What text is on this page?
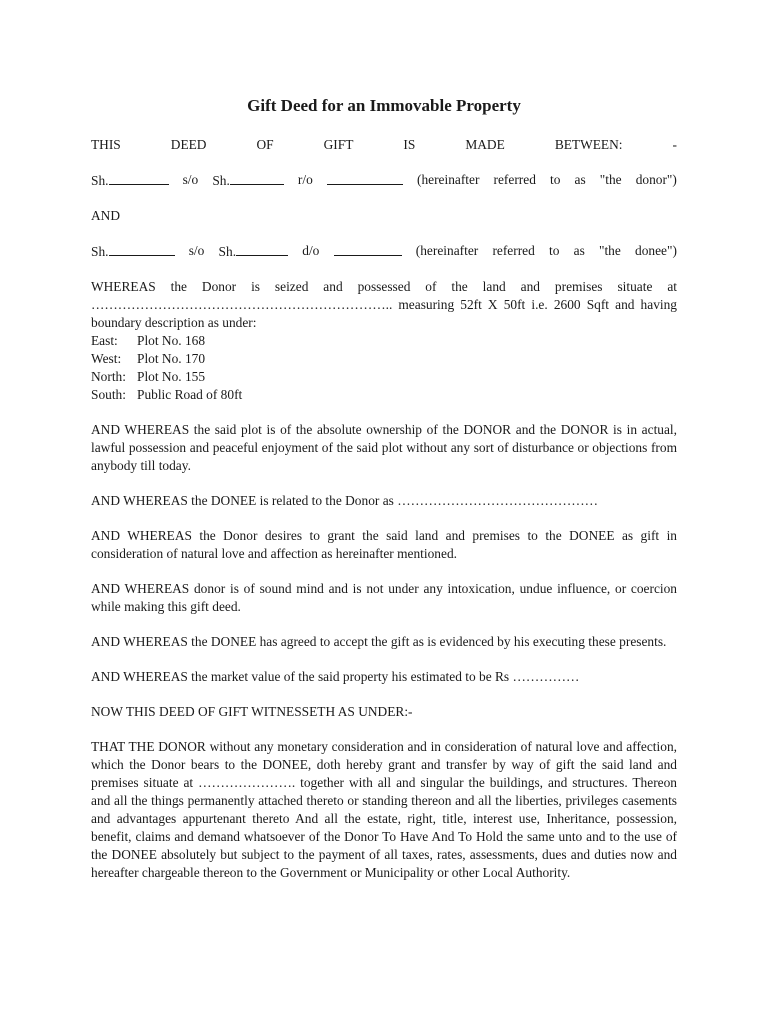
Gift Deed for an Immovable Property
THIS	DEED	OF	GIFT	IS	MADE	BETWEEN:	-
Sh.	s/o Sh.	r/o	(hereinafter referred to as "the donor")
AND
Sh.	s/o Sh.	d/o	(hereinafter referred to as "the donee")
WHEREAS the Donor is seized and possessed of the land and premises situate at ………………………………………………………….. measuring 52ft X 50ft i.e. 2600 Sqft and having boundary description as under:
East:	Plot No. 168
West:	Plot No. 170
North: Plot No. 155
South: Public Road of 80ft
AND WHEREAS the said plot is of the absolute ownership of the DONOR and the DONOR is in actual, lawful possession and peaceful enjoyment of the said plot without any sort of disturbance or objections from anybody till today.
AND WHEREAS the DONEE is related to the Donor as ………………………………………
AND WHEREAS the Donor desires to grant the said land and premises to the DONEE as gift in consideration of natural love and affection as hereinafter mentioned.
AND WHEREAS donor is of sound mind and is not under any intoxication, undue influence, or coercion while making this gift deed.
AND WHEREAS the DONEE has agreed to accept the gift as is evidenced by his executing these presents.
AND WHEREAS the market value of the said property his estimated to be Rs ……………
NOW THIS DEED OF GIFT WITNESSETH AS UNDER:-
THAT THE DONOR without any monetary consideration and in consideration of natural love and affection, which the Donor bears to the DONEE, doth hereby grant and transfer by way of gift the said land and premises situate at …………………. together with all and singular the buildings, and structures. Thereon and all the things permanently attached thereto or standing thereon and all the liberties, privileges casements and advantages appurtenant thereto And all the estate, right, title, interest use, Inheritance, possession, benefit, claims and demand whatsoever of the Donor To Have And To Hold the same unto and to the use of the DONEE absolutely but subject to the payment of all taxes, rates, assessments, dues and duties now and hereafter chargeable thereon to the Government or Municipality or other Local Authority.
